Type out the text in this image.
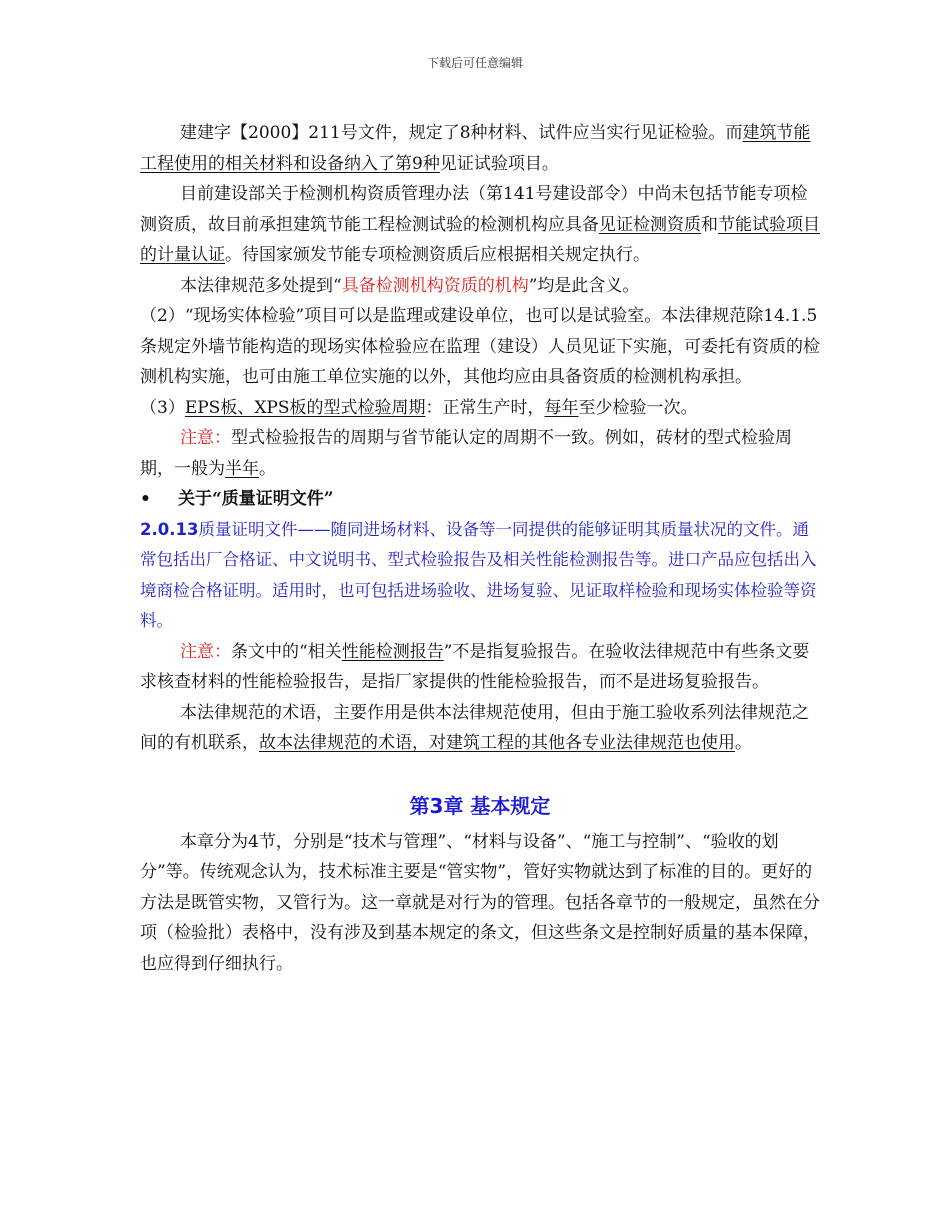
下载后可任意编辑

建建字【2000】211号文件，规定了8种材料、试件应当实行见证检验。而建筑节能工程使用的相关材料和设备纳入了第9种见证试验项目。

目前建设部关于检测机构资质管理办法（第141号建设部令）中尚未包括节能专项检测资质，故目前承担建筑节能工程检测试验的检测机构应具备见证检测资质和节能试验项目的计量认证。待国家颁发节能专项检测资质后应根据相关规定执行。

本法律规范多处提到“具备检测机构资质的机构”均是此含义。

（2）“现场实体检验”项目可以是监理或建设单位，也可以是试验室。本法律规范除14.1.5条规定外墙节能构造的现场实体检验应在监理（建设）人员见证下实施，可委托有资质的检测机构实施，也可由施工单位实施的以外，其他均应由具备资质的检测机构承担。

（3）EPS板、XPS板的型式检验周期：正常生产时，每年至少检验一次。

注意：型式检验报告的周期与省节能认定的周期不一致。例如，砖材的型式检验周期，一般为半年。

• 关于“质量证明文件”

2.0.13质量证明文件——随同进场材料、设备等一同提供的能够证明其质量状况的文件。通常包括出厂合格证、中文说明书、型式检验报告及相关性能检测报告等。进口产品应包括出入境商检合格证明。适用时，也可包括进场验收、进场复验、见证取样检验和现场实体检验等资料。

注意：条文中的“相关性能检测报告”不是指复验报告。在验收法律规范中有些条文要求核查材料的性能检验报告，是指厂家提供的性能检验报告，而不是进场复验报告。

本法律规范的术语，主要作用是供本法律规范使用，但由于施工验收系列法律规范之间的有机联系，故本法律规范的术语，对建筑工程的其他各专业法律规范也使用。

第3章 基本规定

本章分为4节，分别是“技术与管理”、“材料与设备”、“施工与控制”、“验收的划分”等。传统观念认为，技术标准主要是“管实物”，管好实物就达到了标准的目的。更好的方法是既管实物，又管行为。这一章就是对行为的管理。包括各章节的一般规定，虽然在分项（检验批）表格中，没有涉及到基本规定的条文，但这些条文是控制好质量的基本保障，也应得到仔细执行。
